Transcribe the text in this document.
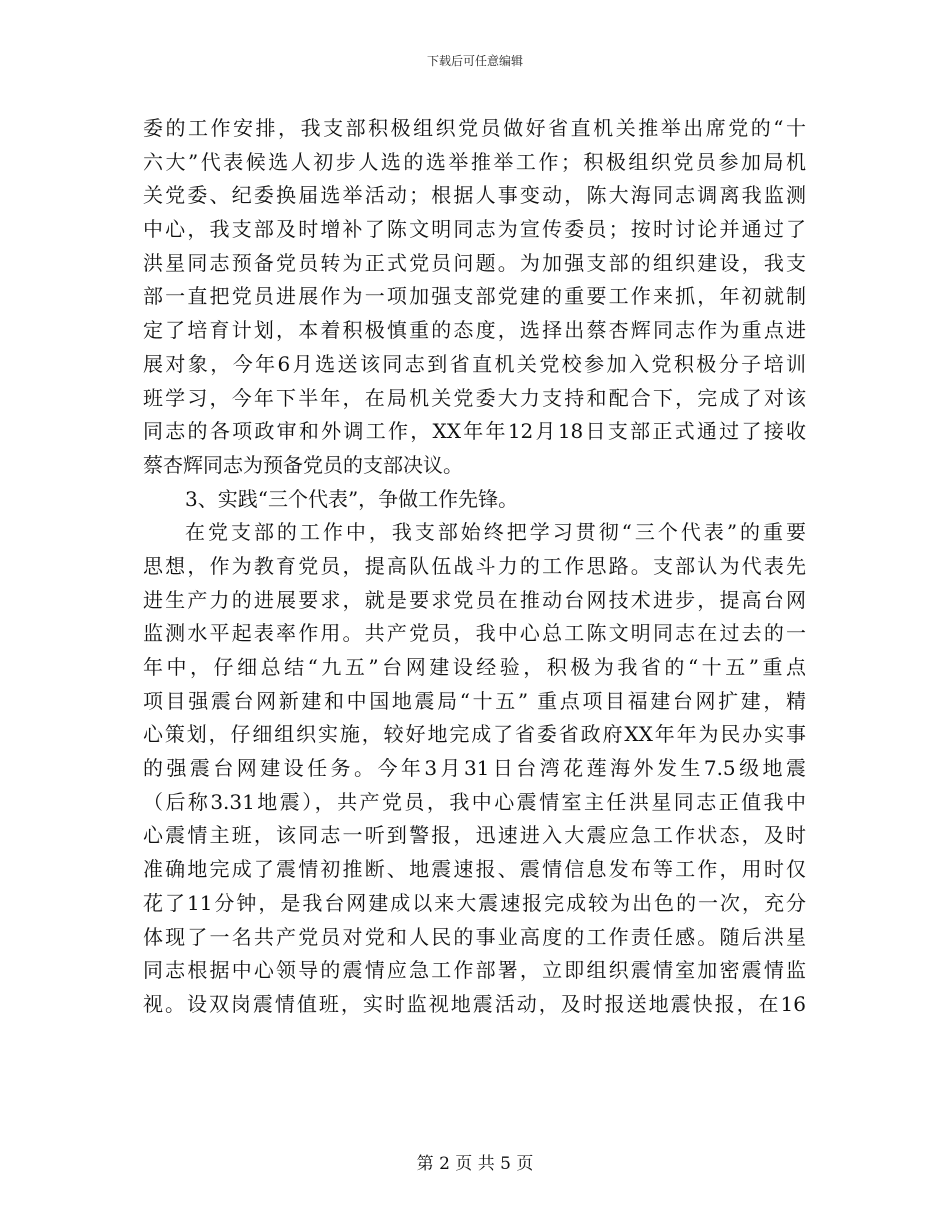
下载后可任意编辑
委的工作安排，我支部积极组织党员做好省直机关推举出席党的“十
六大”代表候选人初步人选的选举推举工作；积极组织党员参加局机
关党委、纪委换届选举活动；根据人事变动，陈大海同志调离我监测
中心，我支部及时增补了陈文明同志为宣传委员；按时讨论并通过了
洪星同志预备党员转为正式党员问题。为加强支部的组织建设，我支
部一直把党员进展作为一项加强支部党建的重要工作来抓，年初就制
定了培育计划，本着积极慎重的态度，选择出蔡杏辉同志作为重点进
展对象，今年6月选送该同志到省直机关党校参加入党积极分子培训
班学习，今年下半年，在局机关党委大力支持和配合下，完成了对该
同志的各项政审和外调工作，XX年年12月18日支部正式通过了接收
蔡杏辉同志为预备党员的支部决议。
3、实践“三个代表”，争做工作先锋。
在党支部的工作中，我支部始终把学习贯彻“三个代表”的重要
思想，作为教育党员，提高队伍战斗力的工作思路。支部认为代表先
进生产力的进展要求，就是要求党员在推动台网技术进步，提高台网
监测水平起表率作用。共产党员，我中心总工陈文明同志在过去的一
年中，仔细总结“九五”台网建设经验，积极为我省的“十五”重点
项目强震台网新建和中国地震局“十五” 重点项目福建台网扩建，精
心策划，仔细组织实施，较好地完成了省委省政府XX年年为民办实事
的强震台网建设任务。今年3月31日台湾花莲海外发生7.5级地震
（后称3.31地震），共产党员，我中心震情室主任洪星同志正值我中
心震情主班，该同志一听到警报，迅速进入大震应急工作状态，及时
准确地完成了震情初推断、地震速报、震情信息发布等工作，用时仅
花了11分钟，是我台网建成以来大震速报完成较为出色的一次，充分
体现了一名共产党员对党和人民的事业高度的工作责任感。随后洪星
同志根据中心领导的震情应急工作部署，立即组织震情室加密震情监
视。设双岗震情值班，实时监视地震活动，及时报送地震快报，在16
第 2 页 共 5 页
